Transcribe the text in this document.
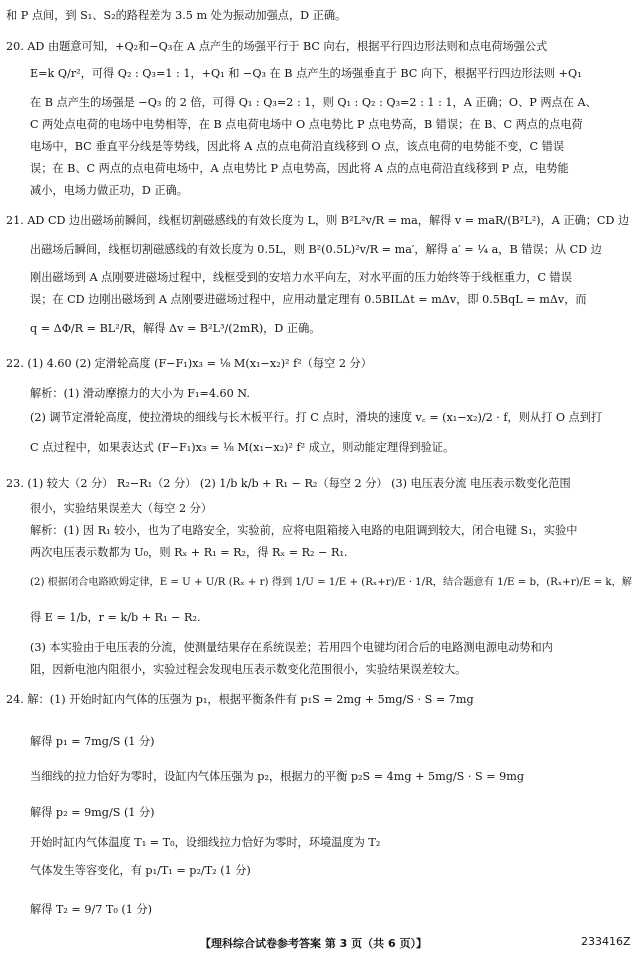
和 P 点间，到 S₁、S₂的路程差为 3.5 m 处为振动加强点，D 正确。
20. AD 由题意可知，+Q₂和−Q₃在 A 点产生的场强平行于 BC 向右，根据平行四边形法则和点电荷场强公式
E=k Q/r²，可得 Q₂ : Q₃=1 : 1，+Q₁ 和 −Q₃ 在 B 点产生的场强垂直于 BC 向下，根据平行四边形法则 +Q₁
在 B 点产生的场强是 −Q₃ 的 2 倍，可得 Q₁ : Q₃=2 : 1，则 Q₁ : Q₂ : Q₃=2 : 1 : 1，A 正确；O、P 两点在 A、
C 两处点电荷的电场中电势相等，在 B 点电荷电场中 O 点电势比 P 点电势高，B 错误；在 B、C 两点的点电荷
电场中，BC 垂直平分线是等势线，因此将 A 点的点电荷沿直线移到 O 点，该点电荷的电势能不变，C 错误
误；在 B、C 两点的点电荷电场中，A 点电势比 P 点电势高，因此将 A 点的点电荷沿直线移到 P 点，电势能
减小，电场力做正功，D 正确。
21. AD CD 边出磁场前瞬间，线框切割磁感线的有效长度为 L，则 B²L²v/R = ma，解得 v = maR/(B²L²)，A 正确；CD 边
出磁场后瞬间，线框切割磁感线的有效长度为 0.5L，则 B²(0.5L)²v/R = ma′，解得 a′ = ¼ a，B 错误；从 CD 边
刚出磁场到 A 点刚要进磁场过程中，线框受到的安培力水平向左，对水平面的压力始终等于线框重力，C 错误
误；在 CD 边刚出磁场到 A 点刚要进磁场过程中，应用动量定理有 0.5BILΔt = mΔv，即 0.5BqL = mΔv，而
q = ΔΦ/R = BL²/R，解得 Δv = B²L³/(2mR)，D 正确。
22. (1) 4.60 (2) 定滑轮高度 (F−F₁)x₃ = ⅛ M(x₁−x₂)² f²（每空 2 分）
解析：(1) 滑动摩擦力的大小为 F₁=4.60 N.
(2) 调节定滑轮高度，使拉滑块的细线与长木板平行。打 C 点时，滑块的速度 v꜀ = (x₁−x₂)/2 · f，则从打 O 点到打
C 点过程中，如果表达式 (F−F₁)x₃ = ⅛ M(x₁−x₂)² f² 成立，则动能定理得到验证。
23. (1) 较大（2 分） R₂−R₁（2 分） (2) 1/b k/b + R₁ − R₂（每空 2 分） (3) 电压表分流 电压表示数变化范围
很小，实验结果误差大（每空 2 分）
解析：(1) 因 R₁ 较小，也为了电路安全，实验前，应将电阻箱接入电路的电阻调到较大，闭合电键 S₁，实验中
两次电压表示数都为 U₀，则 Rₓ + R₁ = R₂，得 Rₓ = R₂ − R₁.
(2) 根据闭合电路欧姆定律，E = U + U/R (Rₓ + r) 得到 1/U = 1/E + (Rₓ+r)/E · 1/R，结合题意有 1/E = b，(Rₓ+r)/E = k，解
得 E = 1/b，r = k/b + R₁ − R₂.
(3) 本实验由于电压表的分流，使测量结果存在系统误差；若用四个电键均闭合后的电路测电源电动势和内
阻，因新电池内阻很小，实验过程会发现电压表示数变化范围很小，实验结果误差较大。
24. 解：(1) 开始时缸内气体的压强为 p₁，根据平衡条件有 p₁S = 2mg + 5mg/S · S = 7mg
解得 p₁ = 7mg/S (1 分)
当细线的拉力恰好为零时，设缸内气体压强为 p₂，根据力的平衡 p₂S = 4mg + 5mg/S · S = 9mg
解得 p₂ = 9mg/S (1 分)
开始时缸内气体温度 T₁ = T₀，设细线拉力恰好为零时，环境温度为 T₂
气体发生等容变化，有 p₁/T₁ = p₂/T₂ (1 分)
解得 T₂ = 9/7 T₀ (1 分)
【理科综合试卷参考答案 第 3 页（共 6 页）】	233416Z
